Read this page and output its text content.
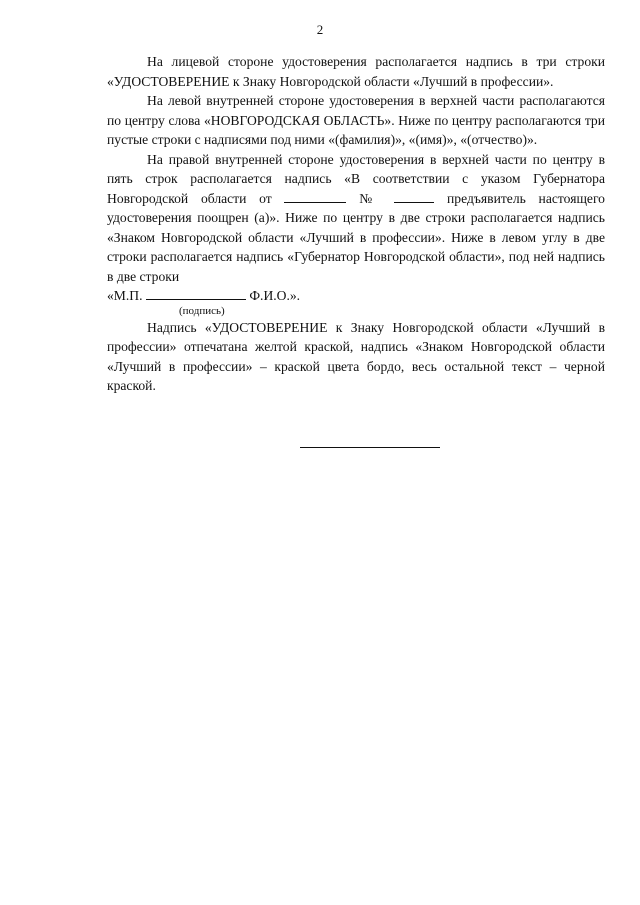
2

На лицевой стороне удостоверения располагается надпись в три строки «УДОСТОВЕРЕНИЕ к Знаку Новгородской области «Лучший в профессии».

На левой внутренней стороне удостоверения в верхней части располагаются по центру слова «НОВГОРОДСКАЯ ОБЛАСТЬ». Ниже по центру располагаются три пустые строки с надписями под ними «(фамилия)», «(имя)», «(отчество)».

На правой внутренней стороне удостоверения в верхней части по центру в пять строк располагается надпись «В соответствии с указом Губернатора Новгородской области от	№	предъявитель настоящего удостоверения поощрен (а)». Ниже по центру в две строки располагается надпись «Знаком Новгородской области «Лучший в профессии». Ниже в левом углу в две строки располагается надпись «Губернатор Новгородской области», под ней надпись в две строки

«М.П.	Ф.И.О.».

(подпись)

Надпись «УДОСТОВЕРЕНИЕ к Знаку Новгородской области «Лучший в профессии» отпечатана желтой краской, надпись «Знаком Новгородской области «Лучший в профессии» – краской цвета бордо, весь остальной текст – черной краской.
